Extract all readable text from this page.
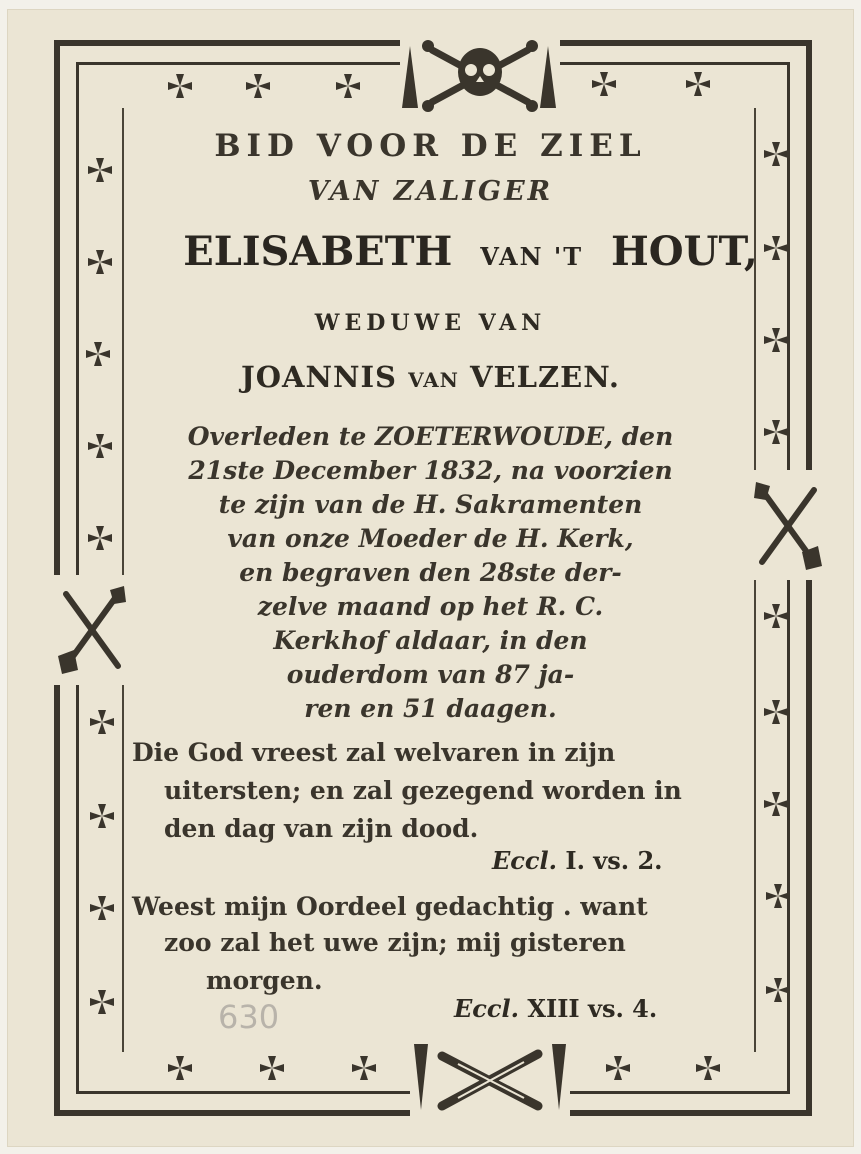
BID VOOR DE ZIEL
VAN ZALIGER
ELISABETH VAN 'T HOUT,
WEDUWE VAN
JOANNIS VAN VELZEN.
Overleden te ZOETERWOUDE, den
21ste December 1832, na voorzien
te zijn van de H. Sakramenten
van onze Moeder de H. Kerk,
en begraven den 28ste der-
zelve maand op het R. C.
Kerkhof aldaar, in den
ouderdom van 87 ja-
ren en 51 daagen.
Die God vreest zal welvaren in zijn
uitersten; en zal gezegend worden in
den dag van zijn dood.
Eccl. I. vs. 2.
Weest mijn Oordeel gedachtig . want
zoo zal het uwe zijn; mij gisteren
morgen.
Eccl. XIII vs. 4.
630
